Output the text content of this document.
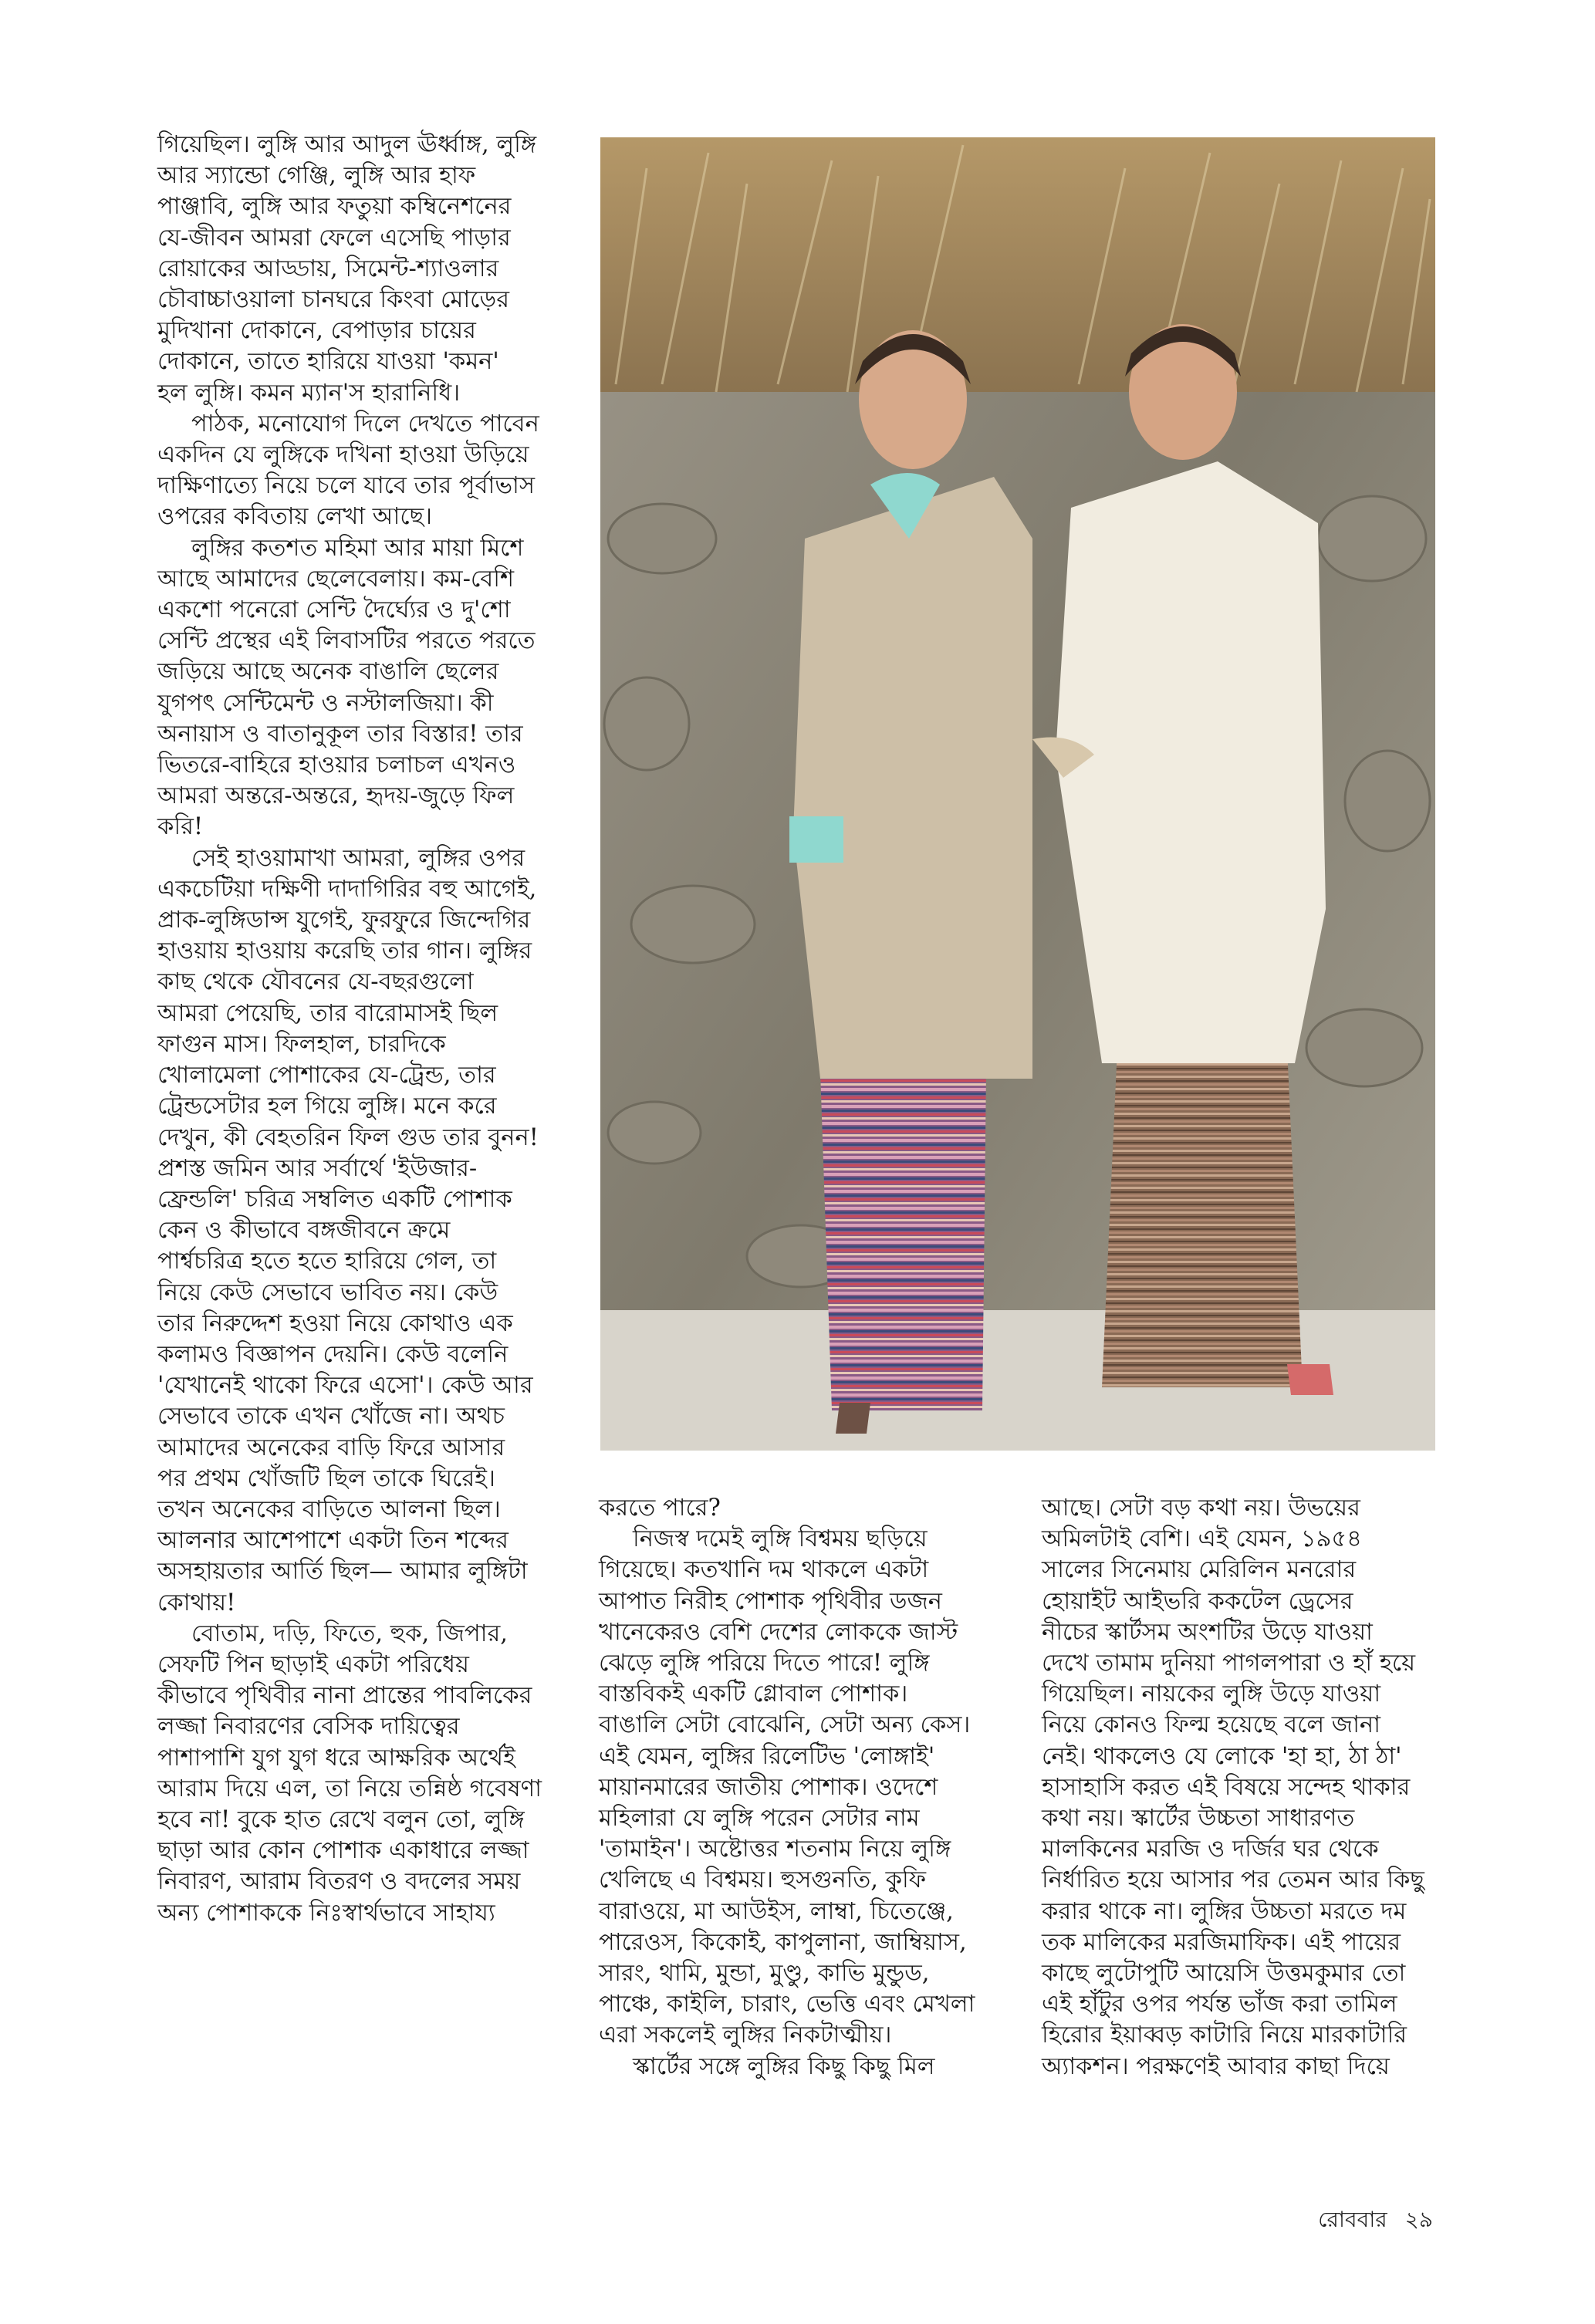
গিয়েছিল। লুঙ্গি আর আদুল ঊর্ধ্বাঙ্গ, লুঙ্গি

আর স্যান্ডো গেঞ্জি, লুঙ্গি আর হাফ

পাঞ্জাবি, লুঙ্গি আর ফতুয়া কম্বিনেশনের

যে-জীবন আমরা ফেলে এসেছি পাড়ার

রোয়াকের আড্ডায়, সিমেন্ট-শ্যাওলার

চৌবাচ্চাওয়ালা চানঘরে কিংবা মোড়ের

মুদিখানা দোকানে, বেপাড়ার চায়ের

দোকানে, তাতে হারিয়ে যাওয়া 'কমন'

হল লুঙ্গি। কমন ম্যান'স হারানিধি।

পাঠক, মনোযোগ দিলে দেখতে পাবেন

একদিন যে লুঙ্গিকে দখিনা হাওয়া উড়িয়ে

দাক্ষিণাত্যে নিয়ে চলে যাবে তার পূর্বাভাস

ওপরের কবিতায় লেখা আছে।

লুঙ্গির কতশত মহিমা আর মায়া মিশে

আছে আমাদের ছেলেবেলায়। কম-বেশি

একশো পনেরো সেন্টি দৈর্ঘ্যের ও দু'শো

সেন্টি প্রস্থের এই লিবাসটির পরতে পরতে

জড়িয়ে আছে অনেক বাঙালি ছেলের

যুগপৎ সেন্টিমেন্ট ও নস্টালজিয়া। কী

অনায়াস ও বাতানুকূল তার বিস্তার! তার

ভিতরে-বাহিরে হাওয়ার চলাচল এখনও

আমরা অন্তরে-অন্তরে, হৃদয়-জুড়ে ফিল

করি!

সেই হাওয়ামাখা আমরা, লুঙ্গির ওপর

একচেটিয়া দক্ষিণী দাদাগিরির বহু আগেই,

প্রাক-লুঙ্গিডান্স যুগেই, ফুরফুরে জিন্দেগির

হাওয়ায় হাওয়ায় করেছি তার গান। লুঙ্গির

কাছ থেকে যৌবনের যে-বছরগুলো

আমরা পেয়েছি, তার বারোমাসই ছিল

ফাগুন মাস। ফিলহাল, চারদিকে

খোলামেলা পোশাকের যে-ট্রেন্ড, তার

ট্রেন্ডসেটার হল গিয়ে লুঙ্গি। মনে করে

দেখুন, কী বেহতরিন ফিল গুড তার বুনন!

প্রশস্ত জমিন আর সর্বার্থে 'ইউজার-

ফ্রেন্ডলি' চরিত্র সম্বলিত একটি পোশাক

কেন ও কীভাবে বঙ্গজীবনে ক্রমে

পার্শ্বচরিত্র হতে হতে হারিয়ে গেল, তা

নিয়ে কেউ সেভাবে ভাবিত নয়। কেউ

তার নিরুদ্দেশ হওয়া নিয়ে কোথাও এক

কলামও বিজ্ঞাপন দেয়নি। কেউ বলেনি

'যেখানেই থাকো ফিরে এসো'। কেউ আর

সেভাবে তাকে এখন খোঁজে না। অথচ

আমাদের অনেকের বাড়ি ফিরে আসার

পর প্রথম খোঁজটি ছিল তাকে ঘিরেই।

তখন অনেকের বাড়িতে আলনা ছিল।

আলনার আশেপাশে একটা তিন শব্দের

অসহায়তার আর্তি ছিল— আমার লুঙ্গিটা

কোথায়!

বোতাম, দড়ি, ফিতে, হুক, জিপার,

সেফটি পিন ছাড়াই একটা পরিধেয়

কীভাবে পৃথিবীর নানা প্রান্তের পাবলিকের

লজ্জা নিবারণের বেসিক দায়িত্বের

পাশাপাশি যুগ যুগ ধরে আক্ষরিক অর্থেই

আরাম দিয়ে এল, তা নিয়ে তন্নিষ্ঠ গবেষণা

হবে না! বুকে হাত রেখে বলুন তো, লুঙ্গি

ছাড়া আর কোন পোশাক একাধারে লজ্জা

নিবারণ, আরাম বিতরণ ও বদলের সময়

অন্য পোশাককে নিঃস্বার্থভাবে সাহায্য

করতে পারে?

নিজস্ব দমেই লুঙ্গি বিশ্বময় ছড়িয়ে

গিয়েছে। কতখানি দম থাকলে একটা

আপাত নিরীহ পোশাক পৃথিবীর ডজন

খানেকেরও বেশি দেশের লোককে জাস্ট

ঝেড়ে লুঙ্গি পরিয়ে দিতে পারে! লুঙ্গি

বাস্তবিকই একটি গ্লোবাল পোশাক।

বাঙালি সেটা বোঝেনি, সেটা অন্য কেস।

এই যেমন, লুঙ্গির রিলেটিভ 'লোঙ্গাই'

মায়ানমারের জাতীয় পোশাক। ওদেশে

মহিলারা যে লুঙ্গি পরেন সেটার নাম

'তামাইন'। অষ্টোত্তর শতনাম নিয়ে লুঙ্গি

খেলিছে এ বিশ্বময়। হুসগুনতি, কুফি

বারাওয়ে, মা আউইস, লাম্বা, চিতেঞ্জে,

পারেওস, কিকোই, কাপুলানা, জাম্বিয়াস,

সারং, থামি, মুন্ডা, মুণ্ডু, কাভি মুন্ডুড,

পাঞ্চে, কাইলি, চারাং, ভেত্তি এবং মেখলা

এরা সকলেই লুঙ্গির নিকটাত্মীয়।

স্কার্টের সঙ্গে লুঙ্গির কিছু কিছু মিল

আছে। সেটা বড় কথা নয়। উভয়ের

অমিলটাই বেশি। এই যেমন, ১৯৫৪

সালের সিনেমায় মেরিলিন মনরোর

হোয়াইট আইভরি ককটেল ড্রেসের

নীচের স্কার্টসম অংশটির উড়ে যাওয়া

দেখে তামাম দুনিয়া পাগলপারা ও হাঁ হয়ে

গিয়েছিল। নায়কের লুঙ্গি উড়ে যাওয়া

নিয়ে কোনও ফিল্ম হয়েছে বলে জানা

নেই। থাকলেও যে লোকে 'হা হা, ঠা ঠা'

হাসাহাসি করত এই বিষয়ে সন্দেহ থাকার

কথা নয়। স্কার্টের উচ্চতা সাধারণত

মালকিনের মরজি ও দর্জির ঘর থেকে

নির্ধারিত হয়ে আসার পর তেমন আর কিছু

করার থাকে না। লুঙ্গির উচ্চতা মরতে দম

তক মালিকের মরজিমাফিক। এই পায়ের

কাছে লুটোপুটি আয়েসি উত্তমকুমার তো

এই হাঁটুর ওপর পর্যন্ত ভাঁজ করা তামিল

হিরোর ইয়াব্বড় কাটারি নিয়ে মারকাটারি

অ্যাকশন। পরক্ষণেই আবার কাছা দিয়ে

রোববার ২৯
